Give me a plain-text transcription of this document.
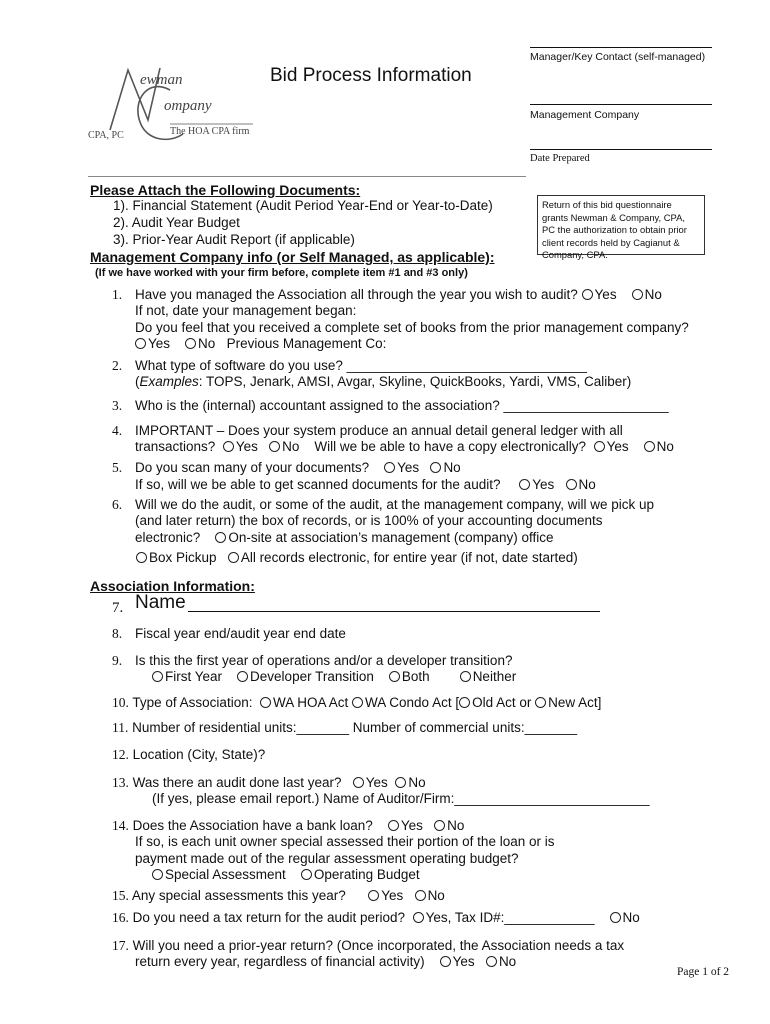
ewman
ompany
CPA, PC	The HOA CPA firm
Bid Process Information
Manager/Key Contact (self-managed)
Management Company
Date Prepared
Please Attach the Following Documents:
1). Financial Statement (Audit Period Year-End or Year-to-Date)
2). Audit Year Budget
3). Prior-Year Audit Report (if applicable)
Return of this bid questionnaire grants Newman & Company, CPA, PC the authorization to obtain prior client records held by Cagianut & Company, CPA.
Management Company info (or Self Managed, as applicable):
(If we have worked with your firm before, complete item #1 and #3 only)
1. Have you managed the Association all through the year you wish to audit? Yes No
If not, date your management began:
Do you feel that you received a complete set of books from the prior management company?
Yes No Previous Management Co:
2. What type of software do you use? ________________________________
(Examples: TOPS, Jenark, AMSI, Avgar, Skyline, QuickBooks, Yardi, VMS, Caliber)
3. Who is the (internal) accountant assigned to the association? ______________________
4. IMPORTANT – Does your system produce an annual detail general ledger with all
transactions? Yes No Will we be able to have a copy electronically? Yes No
5. Do you scan many of your documents? Yes No
If so, will we be able to get scanned documents for the audit? Yes No
6. Will we do the audit, or some of the audit, at the management company, will we pick up
(and later return) the box of records, or is 100% of your accounting documents
electronic? On-site at association’s management (company) office
Box Pickup All records electronic, for entire year (if not, date started)
Association Information:
7. Name
8. Fiscal year end/audit year end date
9. Is this the first year of operations and/or a developer transition?
First Year Developer Transition Both	Neither
10. Type of Association: WA HOA Act WA Condo Act [ Old Act or New Act]
11. Number of residential units:_______ Number of commercial units:_______
12. Location (City, State)?
13. Was there an audit done last year? Yes No
(If yes, please email report.) Name of Auditor/Firm:__________________________
14. Does the Association have a bank loan? Yes No
If so, is each unit owner special assessed their portion of the loan or is
payment made out of the regular assessment operating budget?
Special Assessment Operating Budget
15. Any special assessments this year?	Yes No
16. Do you need a tax return for the audit period? Yes, Tax ID#:____________ No
17. Will you need a prior-year return? (Once incorporated, the Association needs a tax
return every year, regardless of financial activity) Yes No
Page 1 of 2
